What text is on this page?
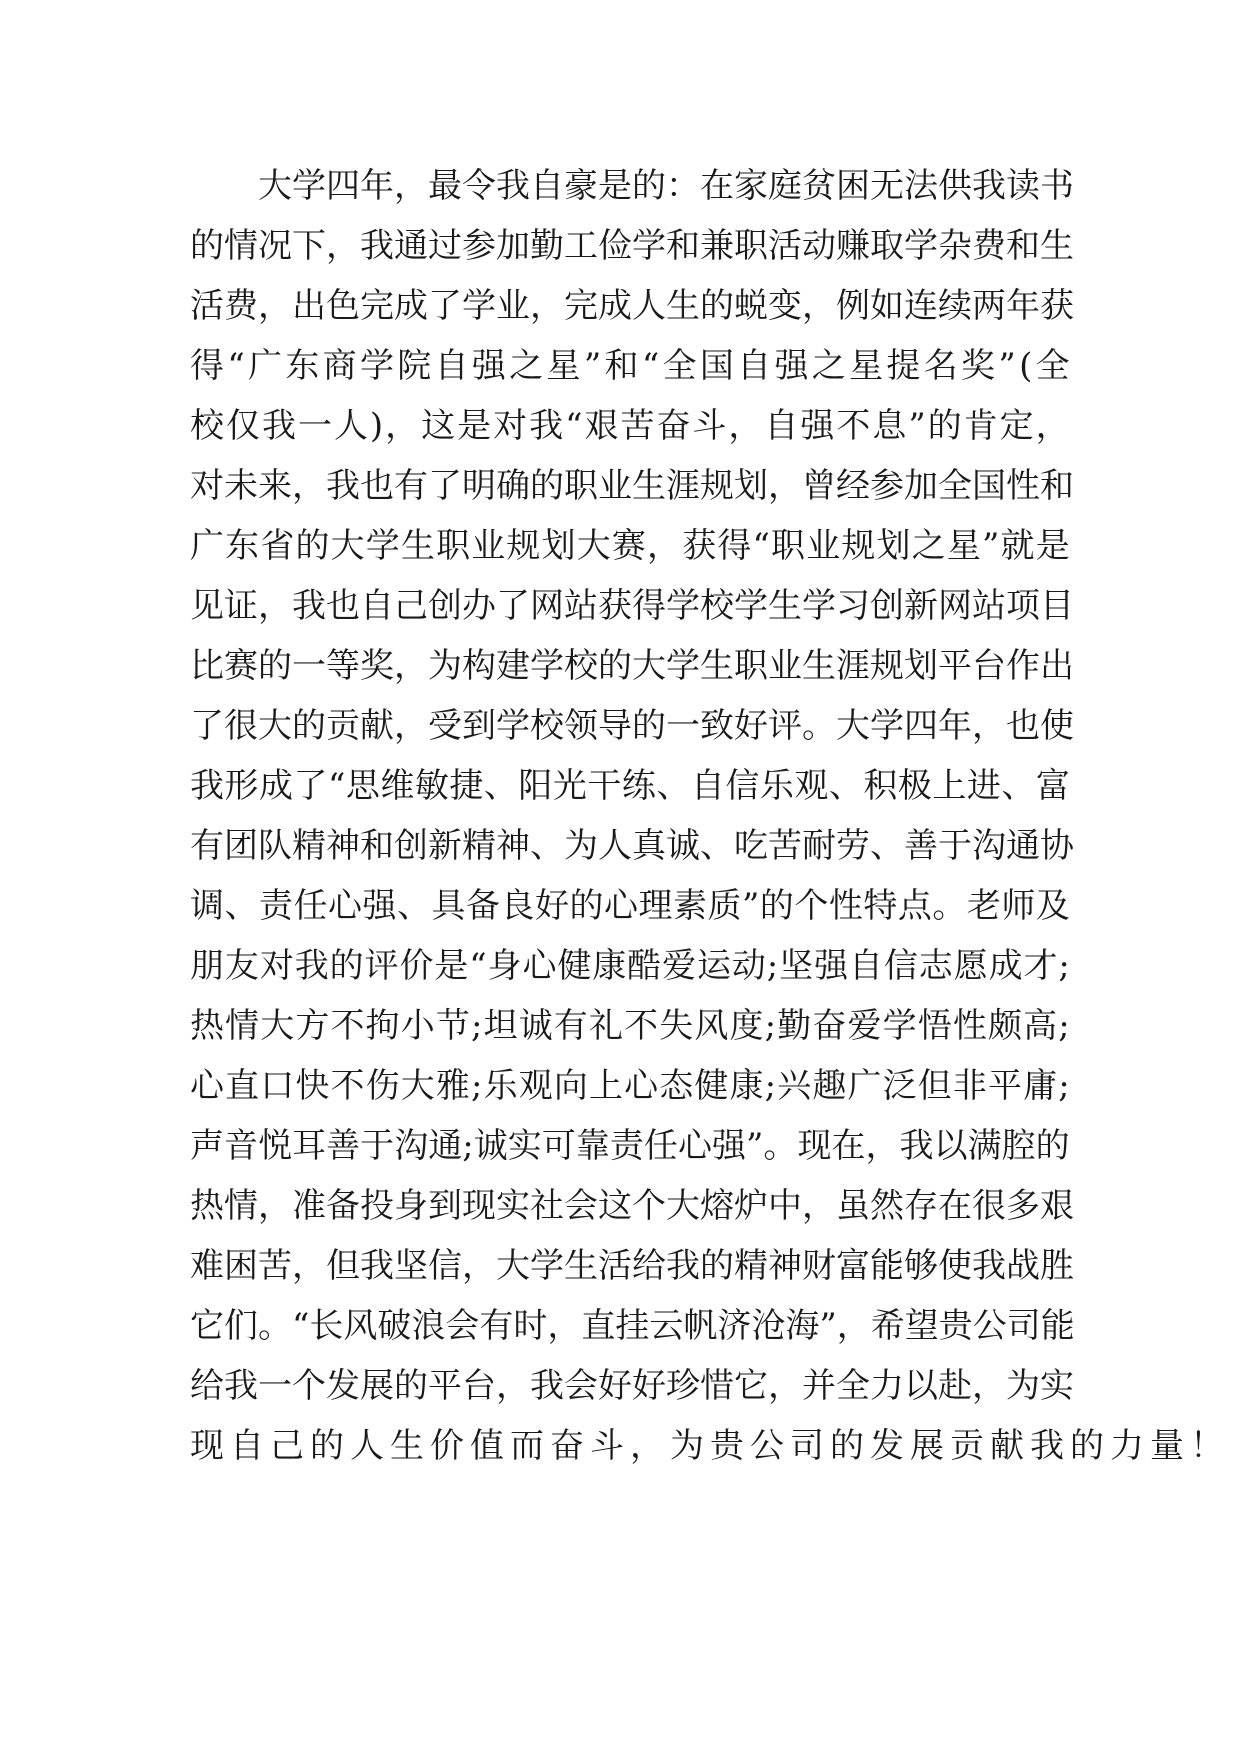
大 学 四 年 ， 最 令 我 自 豪 是 的 ： 在 家 庭 贫 困 无 法 供 我 读 书
的 情 况 下 ， 我 通 过 参 加 勤 工 俭 学 和 兼 职 活 动 赚 取 学 杂 费 和 生
活 费 ， 出 色 完 成 了 学 业 ， 完 成 人 生 的 蜕 变 ， 例 如 连 续 两 年 获
得 “ 广 东 商 学 院 自 强 之 星 ” 和 “ 全 国 自 强 之 星 提 名 奖 ” ( 全
校 仅 我 一 人 ) ， 这 是 对 我 “ 艰 苦 奋 斗 ， 自 强 不 息 ” 的 肯 定 ，
对 未 来 ， 我 也 有 了 明 确 的 职 业 生 涯 规 划 ， 曾 经 参 加 全 国 性 和
广 东 省 的 大 学 生 职 业 规 划 大 赛 ， 获 得 “ 职 业 规 划 之 星 ” 就 是
见 证 ， 我 也 自 己 创 办 了 网 站 获 得 学 校 学 生 学 习 创 新 网 站 项 目
比 赛 的 一 等 奖 ， 为 构 建 学 校 的 大 学 生 职 业 生 涯 规 划 平 台 作 出
了 很 大 的 贡 献 ， 受 到 学 校 领 导 的 一 致 好 评 。 大 学 四 年 ， 也 使
我 形 成 了 “ 思 维 敏 捷 、 阳 光 干 练 、 自 信 乐 观 、 积 极 上 进 、 富
有 团 队 精 神 和 创 新 精 神 、 为 人 真 诚 、 吃 苦 耐 劳 、 善 于 沟 通 协
调 、 责 任 心 强 、 具 备 良 好 的 心 理 素 质 ” 的 个 性 特 点 。 老 师 及
朋 友 对 我 的 评 价 是 “ 身 心 健 康 酷 爱 运 动 ; 坚 强 自 信 志 愿 成 才 ;
热 情 大 方 不 拘 小 节 ; 坦 诚 有 礼 不 失 风 度 ; 勤 奋 爱 学 悟 性 颇 高 ;
心 直 口 快 不 伤 大 雅 ; 乐 观 向 上 心 态 健 康 ; 兴 趣 广 泛 但 非 平 庸 ;
声 音 悦 耳 善 于 沟 通 ; 诚 实 可 靠 责 任 心 强 ” 。 现 在 ， 我 以 满 腔 的
热 情 ， 准 备 投 身 到 现 实 社 会 这 个 大 熔 炉 中 ， 虽 然 存 在 很 多 艰
难 困 苦 ， 但 我 坚 信 ， 大 学 生 活 给 我 的 精 神 财 富 能 够 使 我 战 胜
它 们 。 “ 长 风 破 浪 会 有 时 ， 直 挂 云 帆 济 沧 海 ” ， 希 望 贵 公 司 能
给 我 一 个 发 展 的 平 台 ， 我 会 好 好 珍 惜 它 ， 并 全 力 以 赴 ， 为 实
现 自 己 的 人 生 价 值 而 奋 斗 ， 为 贵 公 司 的 发 展 贡 献 我 的 力 量 ！
